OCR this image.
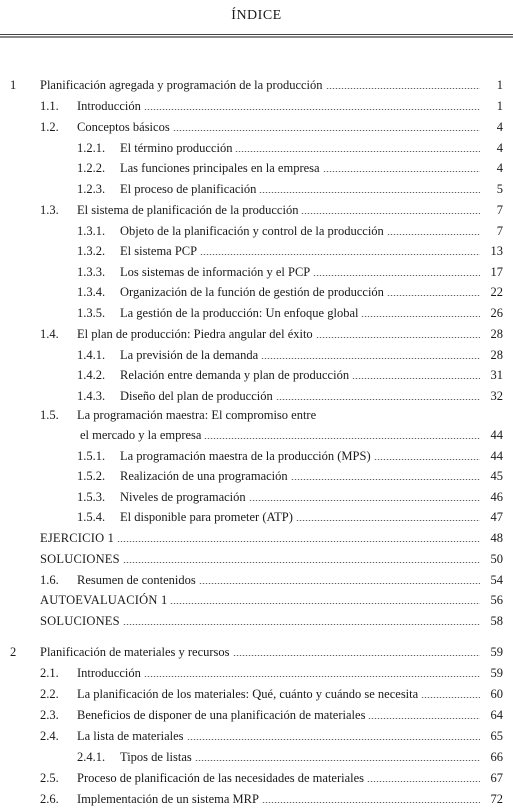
ÍNDICE
1 Planificación agregada y programación de la producción	1
1.1. Introducción	1
1.2. Conceptos básicos	4
1.2.1. El término producción	4
1.2.2. Las funciones principales en la empresa	4
1.2.3. El proceso de planificación	5
1.3. El sistema de planificación de la producción	7
1.3.1. Objeto de la planificación y control de la producción	7
1.3.2. El sistema PCP	13
1.3.3. Los sistemas de información y el PCP	17
1.3.4. Organización de la función de gestión de producción	22
1.3.5. La gestión de la producción: Un enfoque global	26
1.4. El plan de producción: Piedra angular del éxito	28
1.4.1. La previsión de la demanda	28
1.4.2. Relación entre demanda y plan de producción	31
1.4.3. Diseño del plan de producción	32
1.5. La programación maestra: El compromiso entre
el mercado y la empresa	44
1.5.1. La programación maestra de la producción (MPS)	44
1.5.2. Realización de una programación	45
1.5.3. Niveles de programación	46
1.5.4. El disponible para prometer (ATP)	47
EJERCICIO 1	48
SOLUCIONES	50
1.6. Resumen de contenidos	54
AUTOEVALUACIÓN 1	56
SOLUCIONES	58
2 Planificación de materiales y recursos	59
2.1. Introducción	59
2.2. La planificación de los materiales: Qué, cuánto y cuándo se necesita	60
2.3. Beneficios de disponer de una planificación de materiales	64
2.4. La lista de materiales	65
2.4.1. Tipos de listas	66
2.5. Proceso de planificación de las necesidades de materiales	67
2.6. Implementación de un sistema MRP	72
